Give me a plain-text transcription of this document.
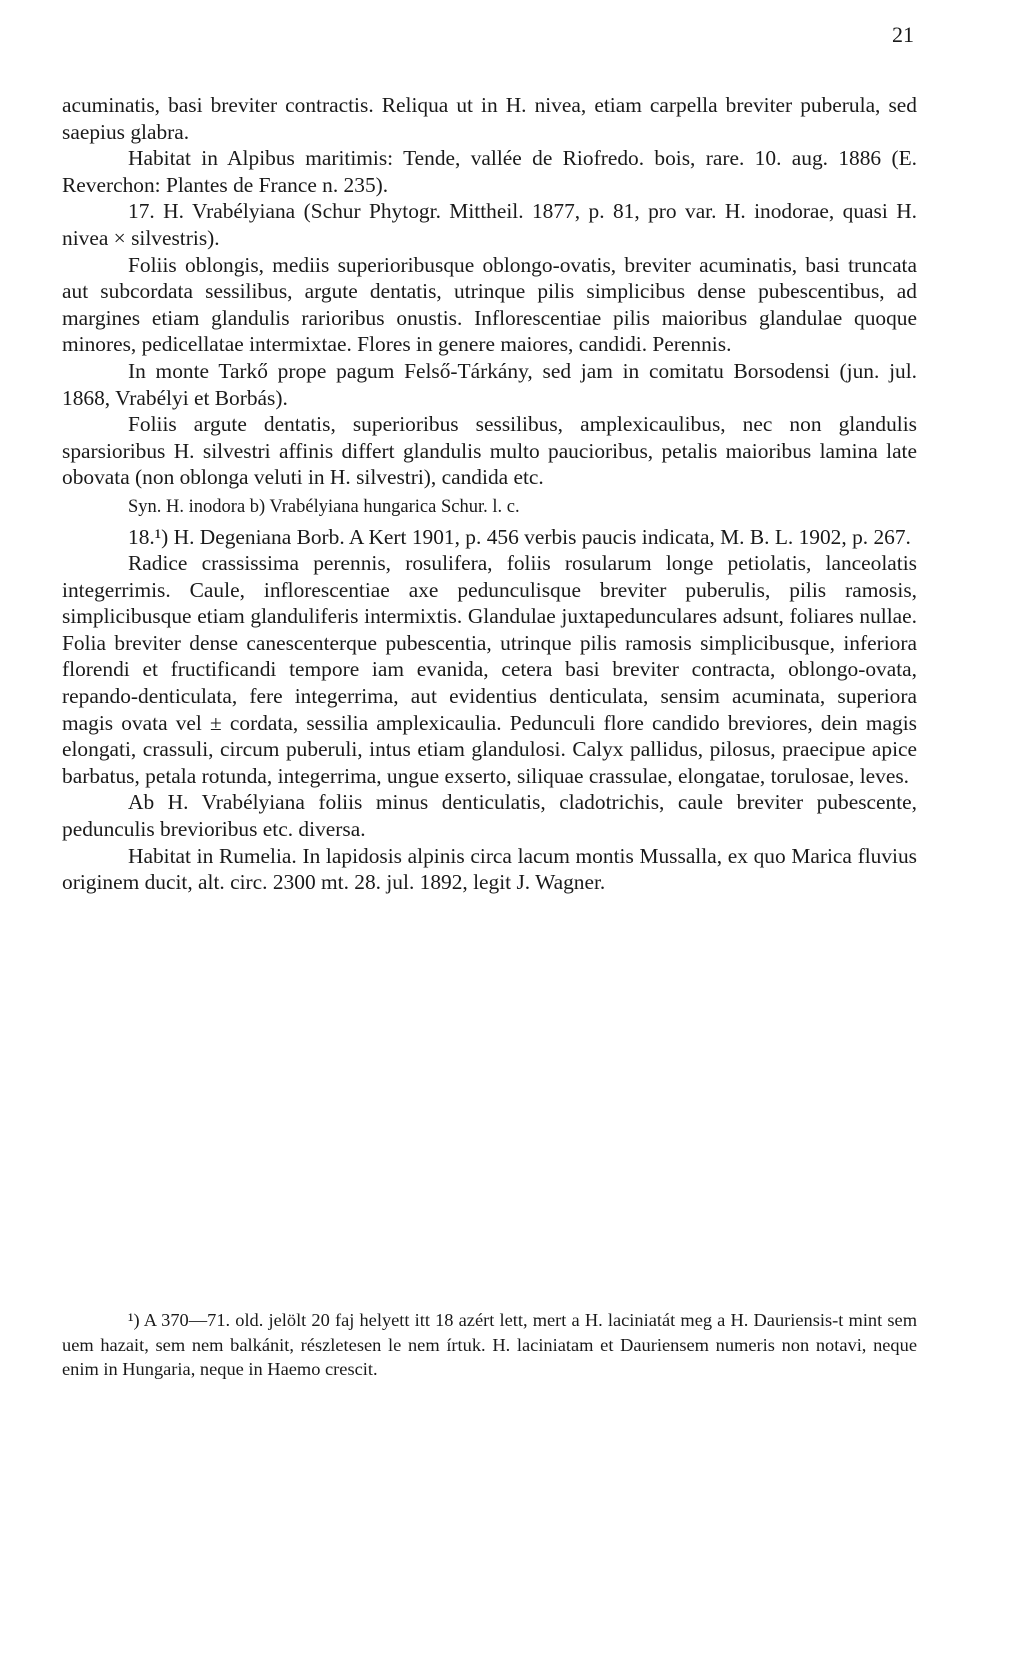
21

acuminatis, basi breviter contractis. Reliqua ut in H. nivea, etiam carpella breviter puberula, sed saepius glabra.

Habitat in Alpibus maritimis: Tende, vallée de Riofredo. bois, rare. 10. aug. 1886 (E. Reverchon: Plantes de France n. 235).

17. H. Vrabélyiana (Schur Phytogr. Mittheil. 1877, p. 81, pro var. H. inodorae, quasi H. nivea × silvestris).

Foliis oblongis, mediis superioribusque oblongo-ovatis, breviter acuminatis, basi truncata aut subcordata sessilibus, argute dentatis, utrinque pilis simplicibus dense pubescentibus, ad margines etiam glandulis rarioribus onustis. Inflorescentiae pilis maioribus glandulae quoque minores, pedicellatae intermixtae. Flores in genere maiores, candidi. Perennis.

In monte Tarkő prope pagum Felső-Tárkány, sed jam in comitatu Borsodensi (jun. jul. 1868, Vrabélyi et Borbás).

Foliis argute dentatis, superioribus sessilibus, amplexicaulibus, nec non glandulis sparsioribus H. silvestri affinis differt glandulis multo paucioribus, petalis maioribus lamina late obovata (non oblonga veluti in H. silvestri), candida etc.

Syn. H. inodora b) Vrabélyiana hungarica Schur. l. c.

18.¹) H. Degeniana Borb. A Kert 1901, p. 456 verbis paucis indicata, M. B. L. 1902, p. 267.

Radice crassissima perennis, rosulifera, foliis rosularum longe petiolatis, lanceolatis integerrimis. Caule, inflorescentiae axe pedunculisque breviter puberulis, pilis ramosis, simplicibusque etiam glanduliferis intermixtis. Glandulae juxtapedunculares adsunt, foliares nullae. Folia breviter dense canescenterque pubescentia, utrinque pilis ramosis simplicibusque, inferiora florendi et fructificandi tempore iam evanida, cetera basi breviter contracta, oblongo-ovata, repando-denticulata, fere integerrima, aut evidentius denticulata, sensim acuminata, superiora magis ovata vel ± cordata, sessilia amplexicaulia. Pedunculi flore candido breviores, dein magis elongati, crassuli, circum puberuli, intus etiam glandulosi. Calyx pallidus, pilosus, praecipue apice barbatus, petala rotunda, integerrima, ungue exserto, siliquae crassulae, elongatae, torulosae, leves.

Ab H. Vrabélyiana foliis minus denticulatis, cladotrichis, caule breviter pubescente, pedunculis brevioribus etc. diversa.

Habitat in Rumelia. In lapidosis alpinis circa lacum montis Mussalla, ex quo Marica fluvius originem ducit, alt. circ. 2300 mt. 28. jul. 1892, legit J. Wagner.

¹) A 370—71. old. jelölt 20 faj helyett itt 18 azért lett, mert a H. laciniatát meg a H. Dauriensis-t mint sem uem hazait, sem nem balkánit, részletesen le nem írtuk. H. laciniatam et Dauriensem numeris non notavi, neque enim in Hungaria, neque in Haemo crescit.
